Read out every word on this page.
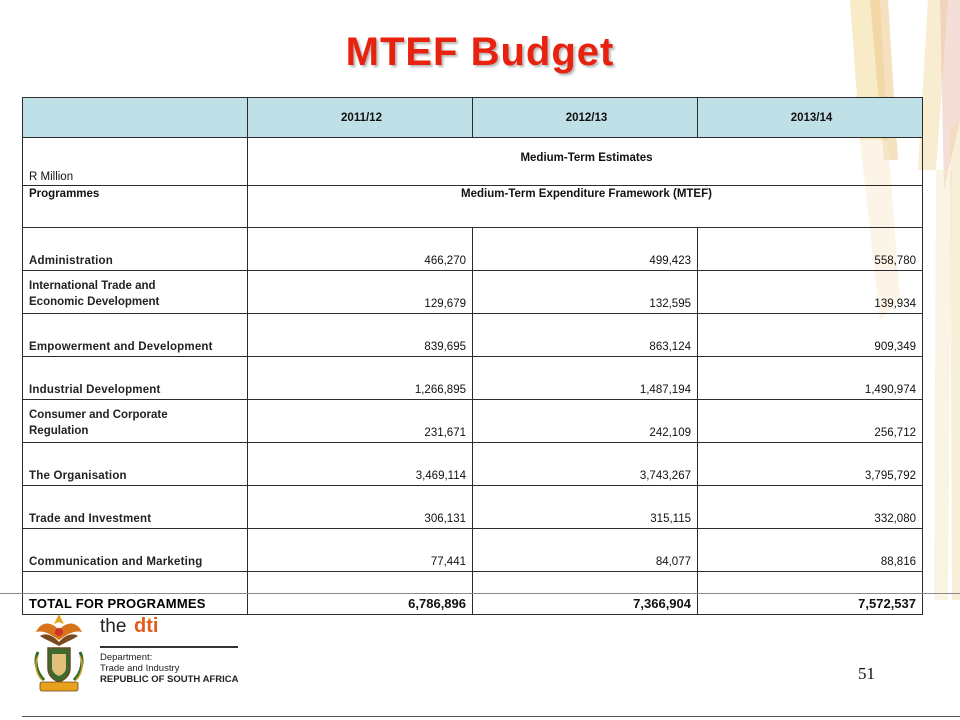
MTEF Budget
	2011/12	2012/13	2013/14
R Million	Medium-Term Estimates		
Programmes	Medium-Term Expenditure Framework (MTEF)		
Administration	466,270	499,423	558,780
International Trade and
Economic Development	129,679	132,595	139,934
Empowerment and Development	839,695	863,124	909,349
Industrial Development	1,266,895	1,487,194	1,490,974
Consumer and Corporate
Regulation	231,671	242,109	256,712
The Organisation	3,469,114	3,743,267	3,795,792
Trade and Investment	306,131	315,115	332,080
Communication and Marketing	77,441	84,077	88,816
TOTAL FOR PROGRAMMES	6,786,896	7,366,904	7,572,537
the dti
Department:
Trade and Industry
REPUBLIC OF SOUTH AFRICA	51
